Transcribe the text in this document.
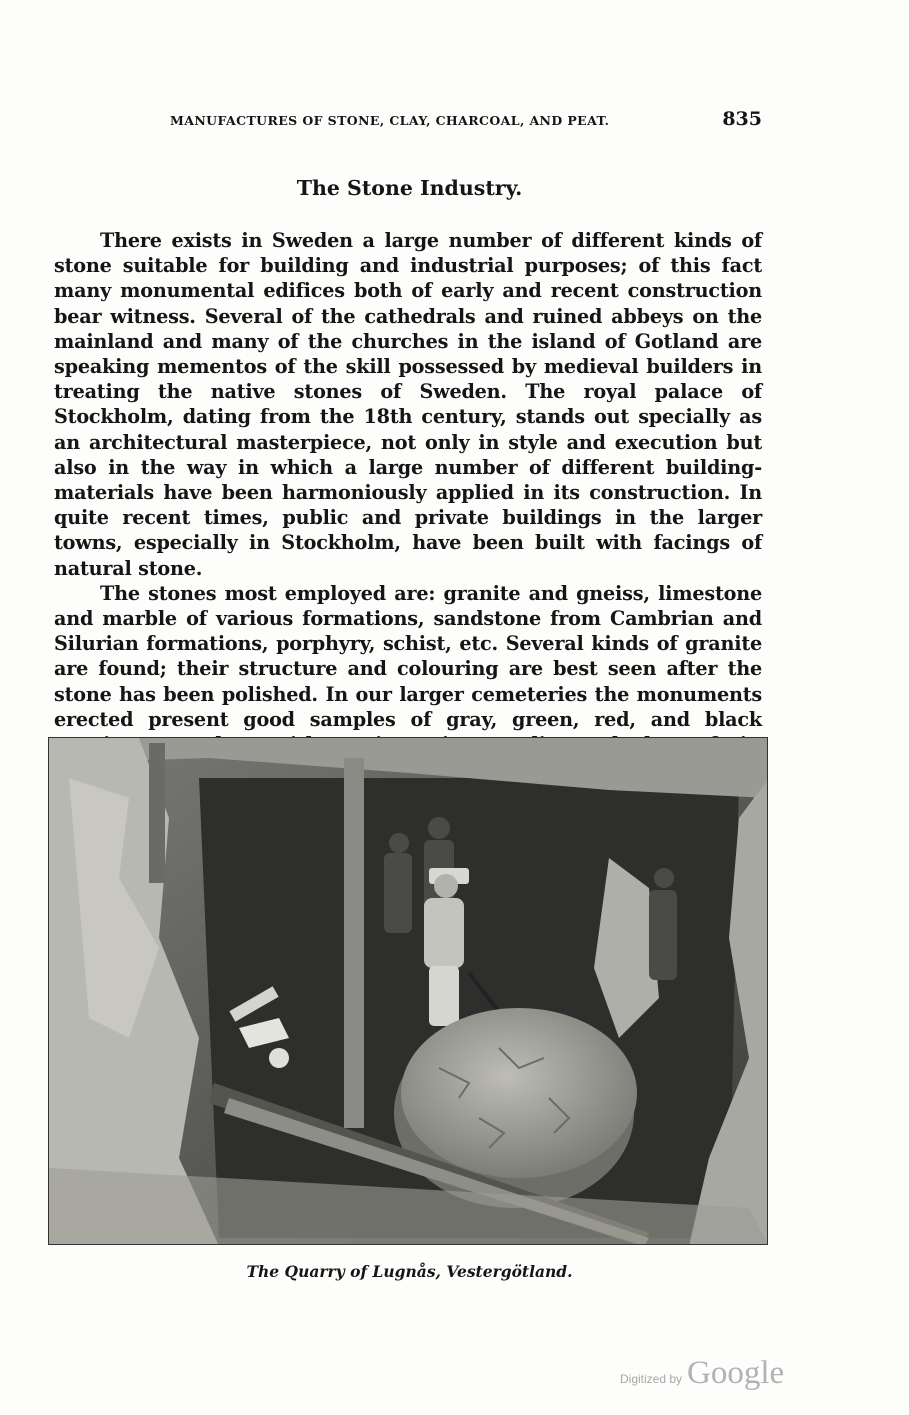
MANUFACTURES OF STONE, CLAY, CHARCOAL, AND PEAT.	835
The Stone Industry.

There exists in Sweden a large number of different kinds of stone suitable for building and industrial purposes; of this fact many monumental edifices both of early and recent construction bear witness. Several of the cathedrals and ruined abbeys on the mainland and many of the churches in the island of Gotland are speaking mementos of the skill possessed by medieval builders in treating the native stones of Sweden. The royal palace of Stockholm, dating from the 18th century, stands out specially as an architectural masterpiece, not only in style and execution but also in the way in which a large number of different building-materials have been harmoniously applied in its construction. In quite recent times, public and private buildings in the larger towns, especially in Stockholm, have been built with facings of natural stone.

The stones most employed are: granite and gneiss, limestone and marble of various formations, sandstone from Cambrian and Silurian formations, porphyry, schist, etc. Several kinds of granite are found; their structure and colouring are best seen after the stone has been polished. In our larger cemeteries the monuments erected present good samples of gray, green, red, and black

The Quarry of Lugnås, Vestergötland.
Digitized by Google
